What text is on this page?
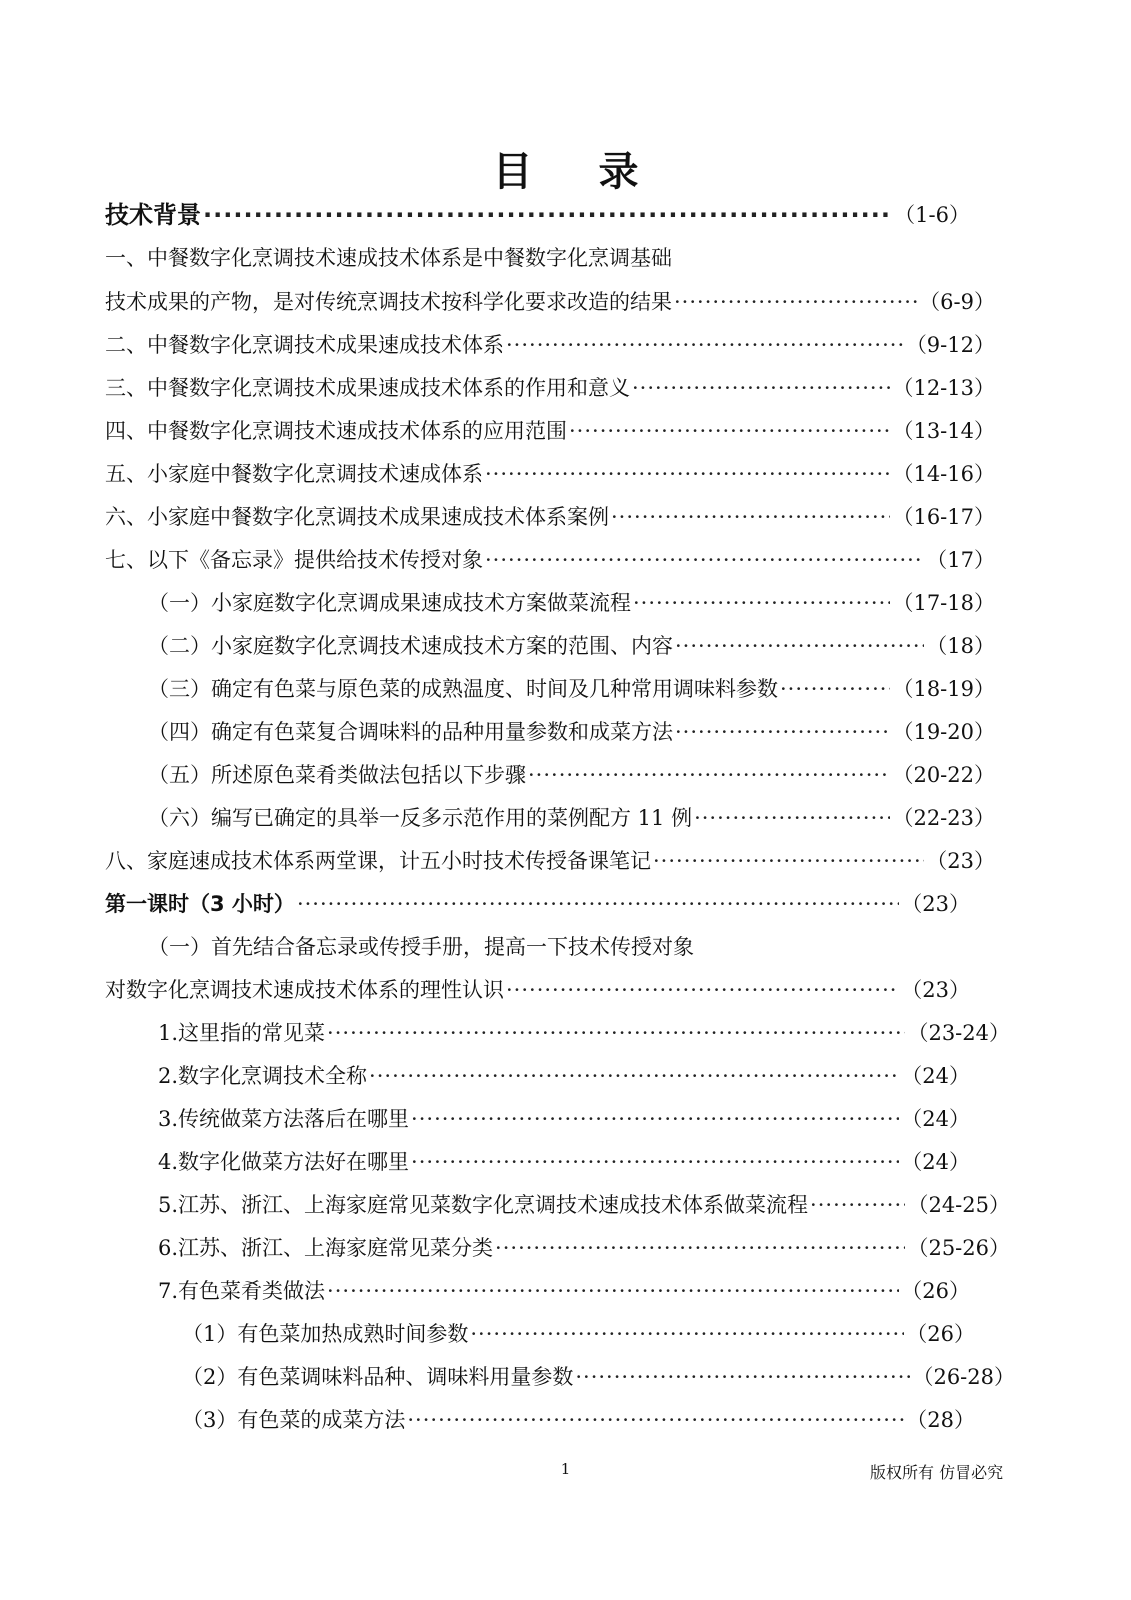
目 录
技术背景 ·····	（1-6）
一、中餐数字化烹调技术速成技术体系是中餐数字化烹调基础
技术成果的产物，是对传统烹调技术按科学化要求改造的结果 ·····	（6-9）
二、中餐数字化烹调技术成果速成技术体系 ·····	（9-12）
三、中餐数字化烹调技术成果速成技术体系的作用和意义 ·····	（12-13）
四、中餐数字化烹调技术速成技术体系的应用范围 ·····	（13-14）
五、小家庭中餐数字化烹调技术速成体系 ·····	（14-16）
六、小家庭中餐数字化烹调技术成果速成技术体系案例 ·····	（16-17）
七、以下《备忘录》提供给技术传授对象 ·····	（17）
（一）小家庭数字化烹调成果速成技术方案做菜流程 ·····	（17-18）
（二）小家庭数字化烹调技术速成技术方案的范围、内容 ·····	（18）
（三）确定有色菜与原色菜的成熟温度、时间及几种常用调味料参数 ·····	（18-19）
（四）确定有色菜复合调味料的品种用量参数和成菜方法 ·····	（19-20）
（五）所述原色菜肴类做法包括以下步骤 ·····	（20-22）
（六）编写已确定的具举一反多示范作用的菜例配方 11 例 ·····	（22-23）
八、家庭速成技术体系两堂课，计五小时技术传授备课笔记 ·····	（23）
第一课时（3 小时） ·····	（23）
（一）首先结合备忘录或传授手册，提高一下技术传授对象
对数字化烹调技术速成技术体系的理性认识 ·····	（23）
1.这里指的常见菜 ·····	（23-24）
2.数字化烹调技术全称 ·····	（24）
3.传统做菜方法落后在哪里 ·····	（24）
4.数字化做菜方法好在哪里 ·····	（24）
5.江苏、浙江、上海家庭常见菜数字化烹调技术速成技术体系做菜流程 ·····	（24-25）
6.江苏、浙江、上海家庭常见菜分类 ·····	（25-26）
7.有色菜肴类做法 ·····	（26）
（1）有色菜加热成熟时间参数 ·····	（26）
（2）有色菜调味料品种、调味料用量参数 ·····	（26-28）
（3）有色菜的成菜方法 ·····	（28）
1	版权所有 仿冒必究
